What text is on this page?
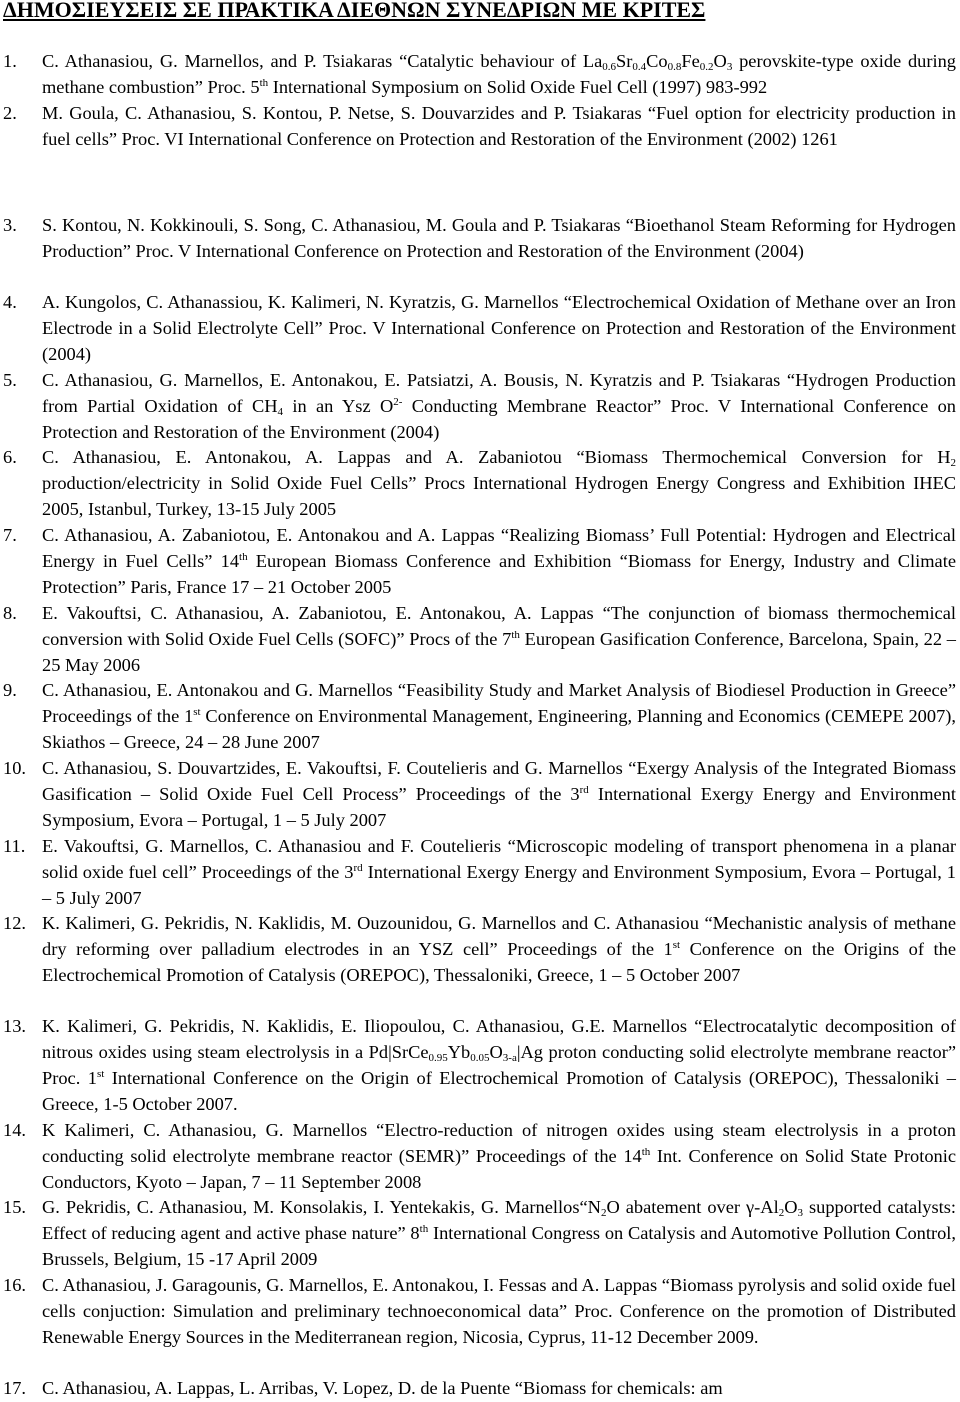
ΔΗΜΟΣΙΕΥΣΕΙΣ ΣΕ ΠΡΑΚΤΙΚΑ ΔΙΕΘΝΩΝ ΣΥΝΕΔΡΙΩΝ ΜΕ ΚΡΙΤΕΣ
1.	C. Athanasiou, G. Marnellos, and P. Tsiakaras “Catalytic behaviour of $La_{0.6}Sr_{0.4}Co_{0.8}Fe_{0.2}O_3$ perovskite-type oxide during methane combustion” Proc. 5th International Symposium on Solid Oxide Fuel Cell (1997) 983-992
2.	M. Goula, C. Athanasiou, S. Kontou, P. Netse, S. Douvarzides and P. Tsiakaras “Fuel option for electricity production in fuel cells” Proc. VI International Conference on Protection and Restoration of the Environment (2002) 1261
3.	S. Kontou, N. Kokkinouli, S. Song, C. Athanasiou, M. Goula and P. Tsiakaras “Bioethanol Steam Reforming for Hydrogen Production” Proc. V International Conference on Protection and Restoration of the Environment (2004)
4.	A. Kungolos, C. Athanassiou, K. Kalimeri, N. Kyratzis, G. Marnellos “Electrochemical Oxidation of Methane over an Iron Electrode in a Solid Electrolyte Cell” Proc. V International Conference on Protection and Restoration of the Environment (2004)
5.	C. Athanasiou, G. Marnellos, E. Antonakou, E. Patsiatzi, A. Bousis, N. Kyratzis and P. Tsiakaras “Hydrogen Production from Partial Oxidation of $CH_4$ in an Ysz $O^{2-}$ Conducting Membrane Reactor” Proc. V International Conference on Protection and Restoration of the Environment (2004)
6.	C. Athanasiou, E. Antonakou, A. Lappas and A. Zabaniotou “Biomass Thermochemical Conversion for $H_2$ production/electricity in Solid Oxide Fuel Cells” Procs International Hydrogen Energy Congress and Exhibition IHEC 2005, Istanbul, Turkey, 13-15 July 2005
7.	C. Athanasiou, A. Zabaniotou, E. Antonakou and A. Lappas “Realizing Biomass’ Full Potential: Hydrogen and Electrical Energy in Fuel Cells” 14th European Biomass Conference and Exhibition “Biomass for Energy, Industry and Climate Protection” Paris, France 17 – 21 October 2005
8.	E. Vakouftsi, C. Athanasiou, A. Zabaniotou, E. Antonakou, A. Lappas “The conjunction of biomass thermochemical conversion with Solid Oxide Fuel Cells (SOFC)” Procs of the 7th European Gasification Conference, Barcelona, Spain, 22 – 25 May 2006
9.	C. Athanasiou, E. Antonakou and G. Marnellos “Feasibility Study and Market Analysis of Biodiesel Production in Greece” Proceedings of the 1st Conference on Environmental Management, Engineering, Planning and Economics (CEMEPE 2007), Skiathos – Greece, 24 – 28 June 2007
10. C. Athanasiou, S. Douvartzides, E. Vakouftsi, F. Coutelieris and G. Marnellos “Exergy Analysis of the Integrated Biomass Gasification – Solid Oxide Fuel Cell Process” Proceedings of the 3rd International Exergy Energy and Environment Symposium, Evora – Portugal, 1 – 5 July 2007
11. E. Vakouftsi, G. Marnellos, C. Athanasiou and F. Coutelieris “Microscopic modeling of transport phenomena in a planar solid oxide fuel cell” Proceedings of the 3rd International Exergy Energy and Environment Symposium, Evora – Portugal, 1 – 5 July 2007
12. K. Kalimeri, G. Pekridis, N. Kaklidis, M. Ouzounidou, G. Marnellos and C. Athanasiou “Mechanistic analysis of methane dry reforming over palladium electrodes in an YSZ cell” Proceedings of the 1st Conference on the Origins of the Electrochemical Promotion of Catalysis (OREPOC), Thessaloniki, Greece, 1 – 5 October 2007
13. K. Kalimeri, G. Pekridis, N. Kaklidis, E. Iliopoulou, C. Athanasiou, G.E. Marnellos “Electrocatalytic decomposition of nitrous oxides using steam electrolysis in a $Pd|SrCe_{0.95}Yb_{0.05}O_{3-a}|Ag$ proton conducting solid electrolyte membrane reactor” Proc. 1st International Conference on the Origin of Electrochemical Promotion of Catalysis (OREPOC), Thessaloniki – Greece, 1-5 October 2007.
14. K Kalimeri, C. Athanasiou, G. Marnellos “Electro-reduction of nitrogen oxides using steam electrolysis in a proton conducting solid electrolyte membrane reactor (SEMR)” Proceedings of the 14th Int. Conference on Solid State Protonic Conductors, Kyoto – Japan, 7 – 11 September 2008
15. G. Pekridis, C. Athanasiou, M. Konsolakis, I. Yentekakis, G. $Marnellos“N_2O$ abatement over $\gamma-Al_2O_3$ supported catalysts: Effect of reducing agent and active phase nature” 8th International Congress on Catalysis and Automotive Pollution Control, Brussels, Belgium, 15 -17 April 2009
16. C. Athanasiou, J. Garagounis, G. Marnellos, E. Antonakou, I. Fessas and A. Lappas “Biomass pyrolysis and solid oxide fuel cells conjuction: Simulation and preliminary technoeconomical data” Proc. Conference on the promotion of Distributed Renewable Energy Sources in the Mediterranean region, Nicosia, Cyprus, 11-12 December 2009.
17. C. Athanasiou, A. Lappas, L. Arribas, V. Lopez, D. de la Puente “Biomass for chemicals: am
